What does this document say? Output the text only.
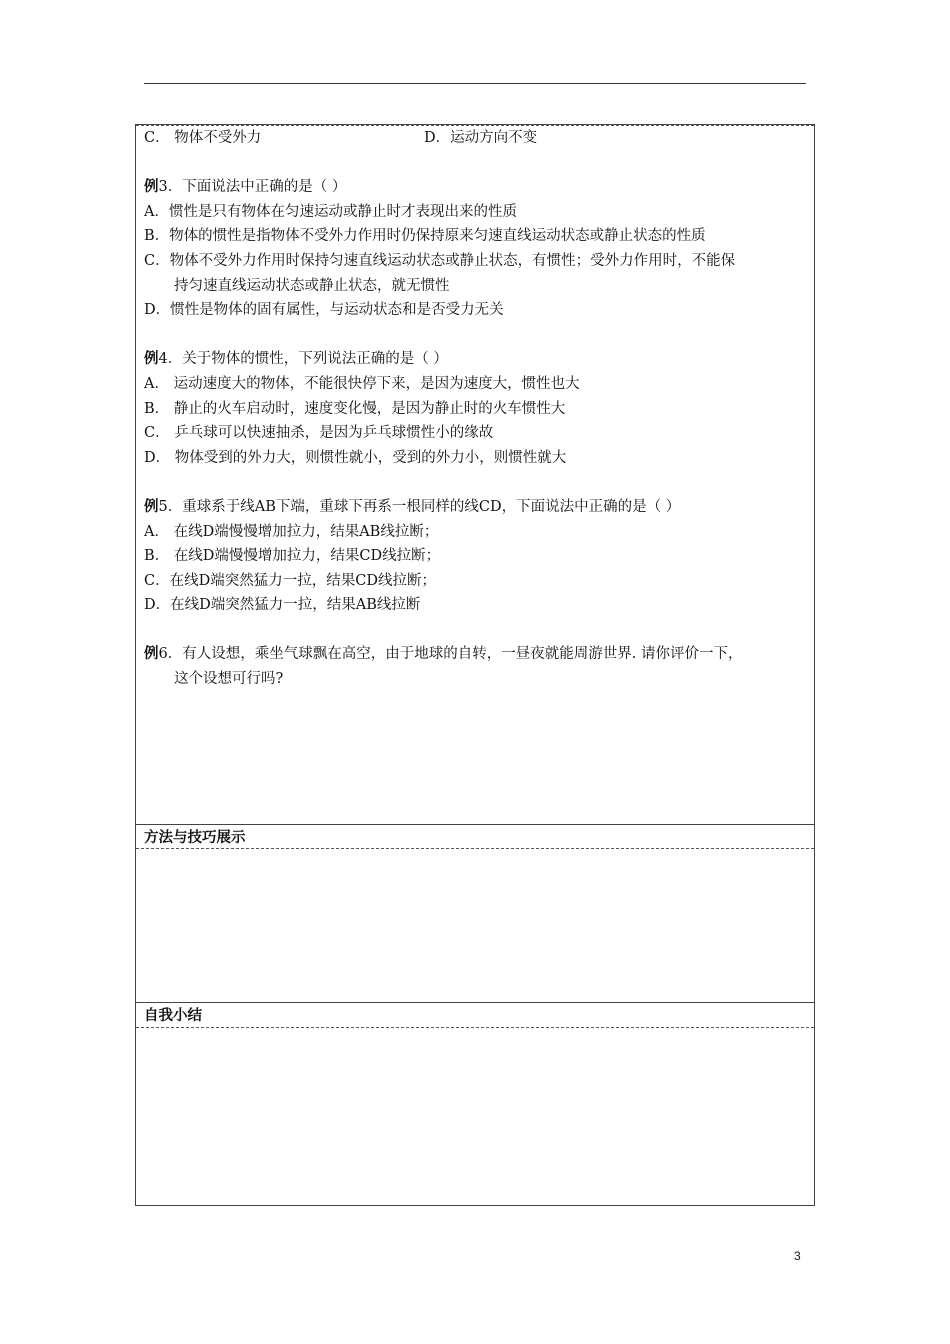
C． 物体不受外力	D．运动方向不变
例3．下面说法中正确的是（ ）
A．惯性是只有物体在匀速运动或静止时才表现出来的性质
B．物体的惯性是指物体不受外力作用时仍保持原来匀速直线运动状态或静止状态的性质
C．物体不受外力作用时保持匀速直线运动状态或静止状态，有惯性；受外力作用时，不能保
持匀速直线运动状态或静止状态，就无惯性
D．惯性是物体的固有属性，与运动状态和是否受力无关
例4．关于物体的惯性，下列说法正确的是（ ）
A． 运动速度大的物体，不能很快停下来，是因为速度大，惯性也大
B． 静止的火车启动时，速度变化慢，是因为静止时的火车惯性大
C． 乒乓球可以快速抽杀，是因为乒乓球惯性小的缘故
D． 物体受到的外力大，则惯性就小，受到的外力小，则惯性就大
例5．重球系于线AB下端，重球下再系一根同样的线CD，下面说法中正确的是（ ）
A． 在线D端慢慢增加拉力，结果AB线拉断；
B． 在线D端慢慢增加拉力，结果CD线拉断；
C．在线D端突然猛力一拉，结果CD线拉断；
D．在线D端突然猛力一拉，结果AB线拉断
例6．有人设想，乘坐气球飘在高空，由于地球的自转，一昼夜就能周游世界. 请你评价一下，
这个设想可行吗?
方法与技巧展示
自我小结
3
